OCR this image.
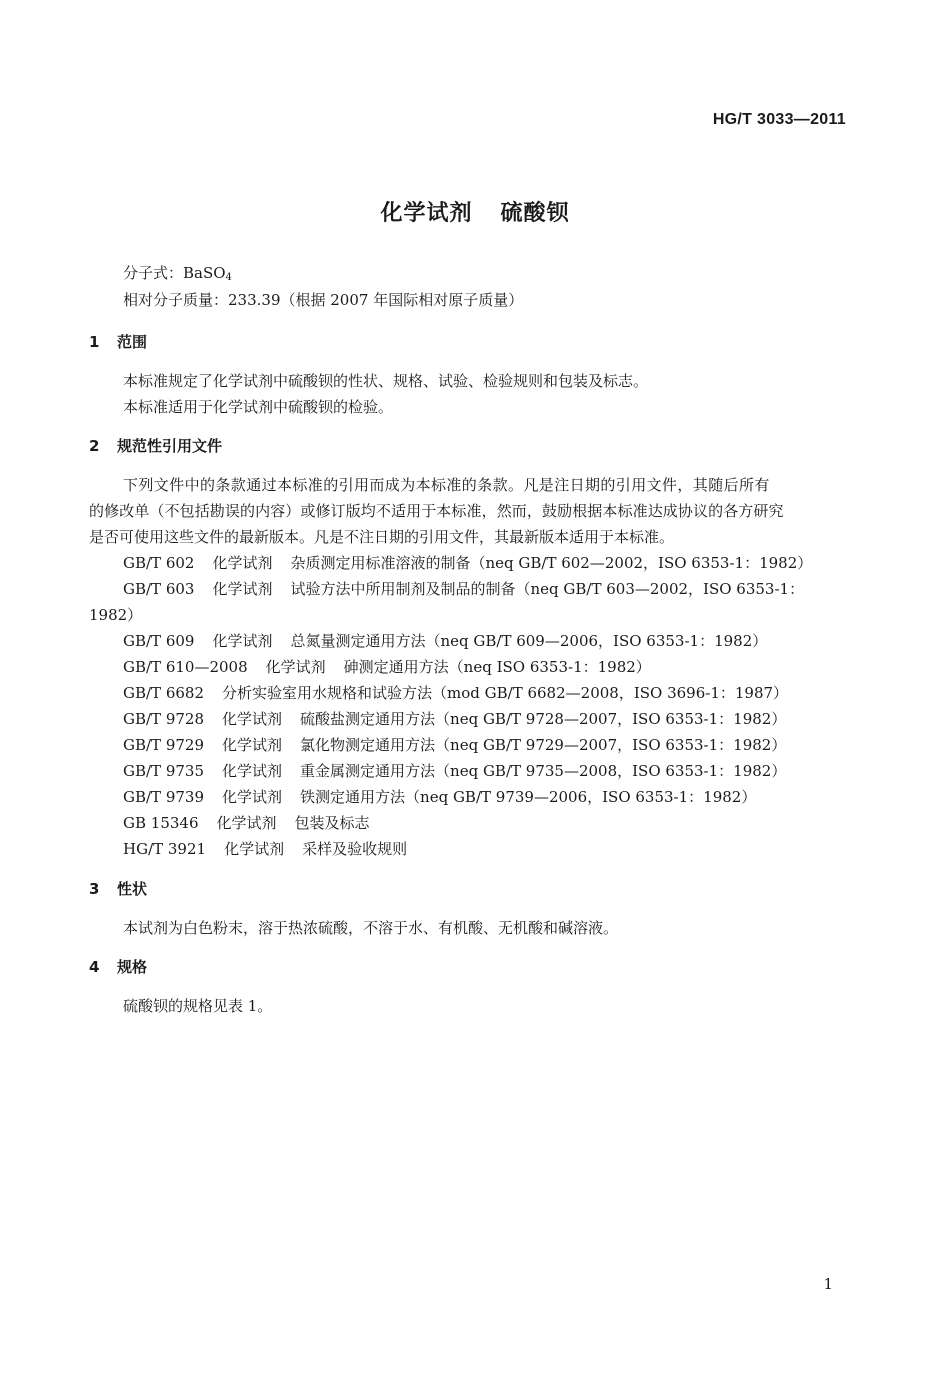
HG/T 3033—2011
化学试剂 硫酸钡
分子式：BaSO$_4$
相对分子质量：233.39（根据 2007 年国际相对原子质量）
1 范围
本标准规定了化学试剂中硫酸钡的性状、规格、试验、检验规则和包装及标志。
本标准适用于化学试剂中硫酸钡的检验。
2 规范性引用文件
下列文件中的条款通过本标准的引用而成为本标准的条款。凡是注日期的引用文件，其随后所有
的修改单（不包括勘误的内容）或修订版均不适用于本标准，然而，鼓励根据本标准达成协议的各方研究
是否可使用这些文件的最新版本。凡是不注日期的引用文件，其最新版本适用于本标准。
GB/T 602 化学试剂 杂质测定用标准溶液的制备（neq GB/T 602—2002，ISO 6353-1：1982）
GB/T 603 化学试剂 试验方法中所用制剂及制品的制备（neq GB/T 603—2002，ISO 6353-1：
1982）
GB/T 609 化学试剂 总氮量测定通用方法（neq GB/T 609—2006，ISO 6353-1：1982）
GB/T 610—2008 化学试剂 砷测定通用方法（neq ISO 6353-1：1982）
GB/T 6682 分析实验室用水规格和试验方法（mod GB/T 6682—2008，ISO 3696-1：1987）
GB/T 9728 化学试剂 硫酸盐测定通用方法（neq GB/T 9728—2007，ISO 6353-1：1982）
GB/T 9729 化学试剂 氯化物测定通用方法（neq GB/T 9729—2007，ISO 6353-1：1982）
GB/T 9735 化学试剂 重金属测定通用方法（neq GB/T 9735—2008，ISO 6353-1：1982）
GB/T 9739 化学试剂 铁测定通用方法（neq GB/T 9739—2006，ISO 6353-1：1982）
GB 15346 化学试剂 包装及标志
HG/T 3921 化学试剂 采样及验收规则
3 性状
本试剂为白色粉末，溶于热浓硫酸，不溶于水、有机酸、无机酸和碱溶液。
4 规格
硫酸钡的规格见表 1。
1
